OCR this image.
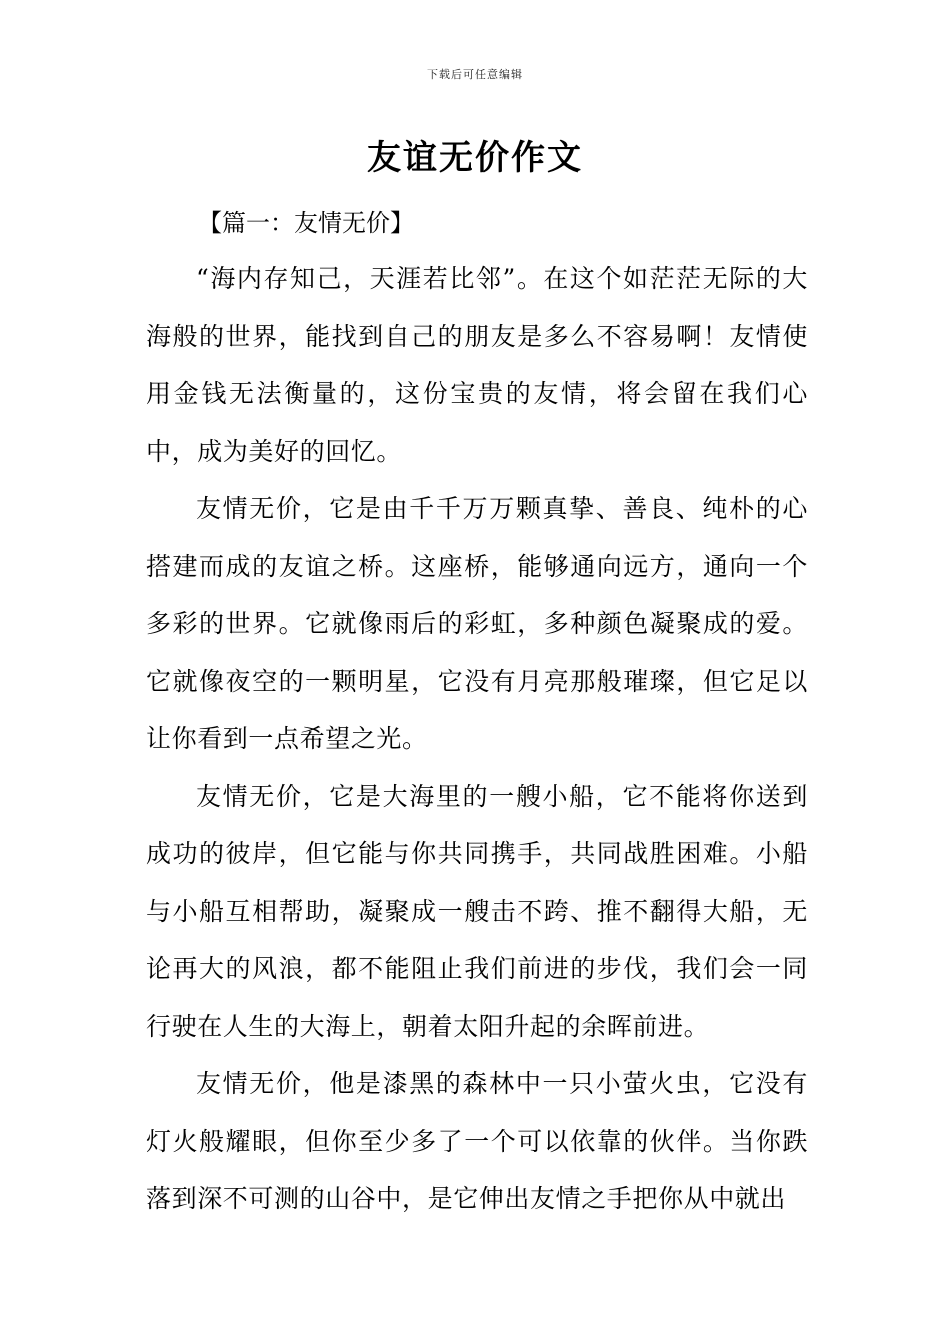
下载后可任意编辑
友谊无价作文
【篇一：友情无价】

“海内存知己，天涯若比邻”。在这个如茫茫无际的大海般的世界，能找到自己的朋友是多么不容易啊！友情使用金钱无法衡量的，这份宝贵的友情，将会留在我们心中，成为美好的回忆。

友情无价，它是由千千万万颗真挚、善良、纯朴的心搭建而成的友谊之桥。这座桥，能够通向远方，通向一个多彩的世界。它就像雨后的彩虹，多种颜色凝聚成的爱。它就像夜空的一颗明星，它没有月亮那般璀璨，但它足以让你看到一点希望之光。

友情无价，它是大海里的一艘小船，它不能将你送到成功的彼岸，但它能与你共同携手，共同战胜困难。小船与小船互相帮助，凝聚成一艘击不跨、推不翻得大船，无论再大的风浪，都不能阻止我们前进的步伐，我们会一同行驶在人生的大海上，朝着太阳升起的余晖前进。

友情无价，他是漆黑的森林中一只小萤火虫，它没有灯火般耀眼，但你至少多了一个可以依靠的伙伴。当你跌落到深不可测的山谷中，是它伸出友情之手把你从中就出
